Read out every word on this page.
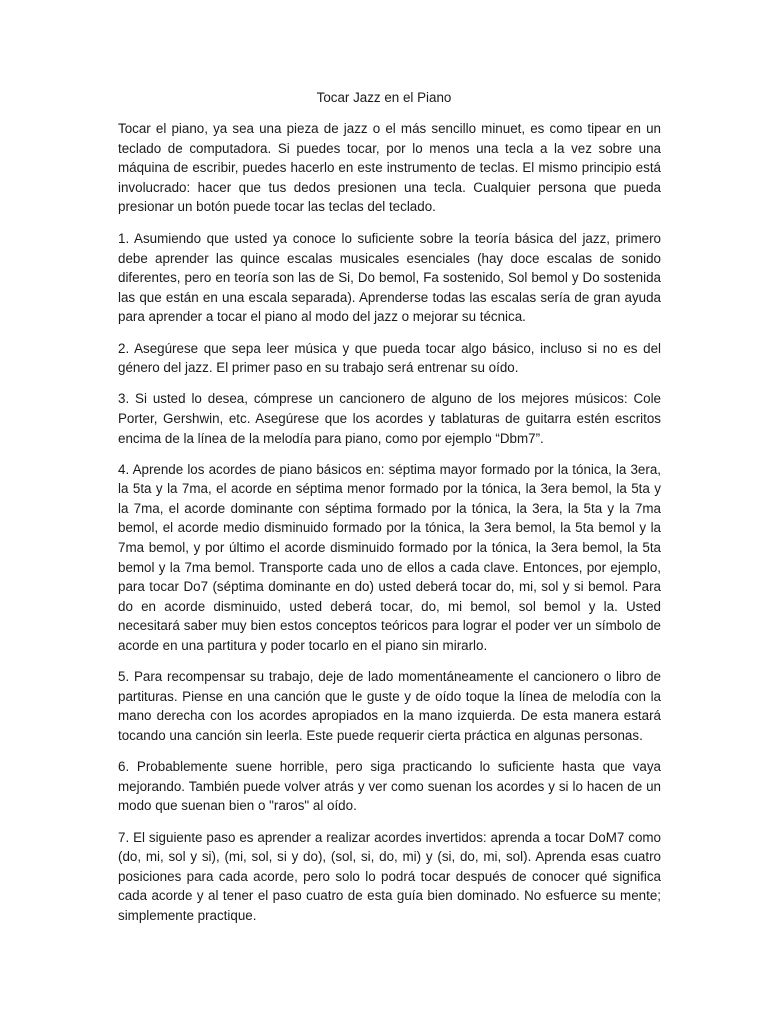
Tocar Jazz en el Piano

Tocar el piano, ya sea una pieza de jazz o el más sencillo minuet, es como tipear en un teclado de computadora. Si puedes tocar, por lo menos una tecla a la vez sobre una máquina de escribir, puedes hacerlo en este instrumento de teclas. El mismo principio está involucrado: hacer que tus dedos presionen una tecla. Cualquier persona que pueda presionar un botón puede tocar las teclas del teclado.

1. Asumiendo que usted ya conoce lo suficiente sobre la teoría básica del jazz, primero debe aprender las quince escalas musicales esenciales (hay doce escalas de sonido diferentes, pero en teoría son las de Si, Do bemol, Fa sostenido, Sol bemol y Do sostenida las que están en una escala separada). Aprenderse todas las escalas sería de gran ayuda para aprender a tocar el piano al modo del jazz o mejorar su técnica.

2. Asegúrese que sepa leer música y que pueda tocar algo básico, incluso si no es del género del jazz. El primer paso en su trabajo será entrenar su oído.

3. Si usted lo desea, cómprese un cancionero de alguno de los mejores músicos: Cole Porter, Gershwin, etc. Asegúrese que los acordes y tablaturas de guitarra estén escritos encima de la línea de la melodía para piano, como por ejemplo “Dbm7”.

4. Aprende los acordes de piano básicos en: séptima mayor formado por la tónica, la 3era, la 5ta y la 7ma, el acorde en séptima menor formado por la tónica, la 3era bemol, la 5ta y la 7ma, el acorde dominante con séptima formado por la tónica, la 3era, la 5ta y la 7ma bemol, el acorde medio disminuido formado por la tónica, la 3era bemol, la 5ta bemol y la 7ma bemol, y por último el acorde disminuido formado por la tónica, la 3era bemol, la 5ta bemol y la 7ma bemol. Transporte cada uno de ellos a cada clave. Entonces, por ejemplo, para tocar Do7 (séptima dominante en do) usted deberá tocar do, mi, sol y si bemol. Para do en acorde disminuido, usted deberá tocar, do, mi bemol, sol bemol y la. Usted necesitará saber muy bien estos conceptos teóricos para lograr el poder ver un símbolo de acorde en una partitura y poder tocarlo en el piano sin mirarlo.

5. Para recompensar su trabajo, deje de lado momentáneamente el cancionero o libro de partituras. Piense en una canción que le guste y de oído toque la línea de melodía con la mano derecha con los acordes apropiados en la mano izquierda. De esta manera estará tocando una canción sin leerla. Este puede requerir cierta práctica en algunas personas.

6. Probablemente suene horrible, pero siga practicando lo suficiente hasta que vaya mejorando. También puede volver atrás y ver como suenan los acordes y si lo hacen de un modo que suenan bien o "raros" al oído.

7. El siguiente paso es aprender a realizar acordes invertidos: aprenda a tocar DoM7 como (do, mi, sol y si), (mi, sol, si y do), (sol, si, do, mi) y (si, do, mi, sol). Aprenda esas cuatro posiciones para cada acorde, pero solo lo podrá tocar después de conocer qué significa cada acorde y al tener el paso cuatro de esta guía bien dominado. No esfuerce su mente; simplemente practique.
